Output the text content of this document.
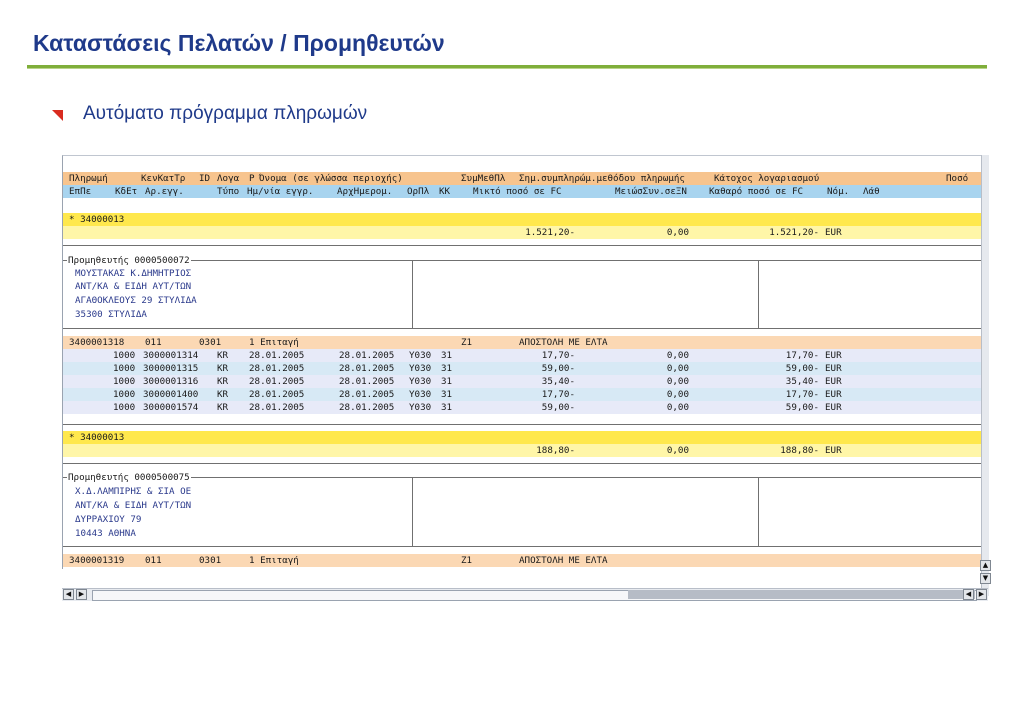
Καταστάσεις Πελατών / Προμηθευτών
Αυτόματο πρόγραμμα πληρωμών
Πληρωμή	ΚενΚατΤρ ID Λογα Ρ Όνομα (σε γλώσσα περιοχής)	ΣυμΜεθΠλ Σημ.συμπληρώμ.μεθόδου πληρωμής	Κάτοχος λογαριασμού	Ποσό
ΕπΠε	ΚδΕτ Αρ.εγγ.	Τύπο Ημ/νία εγγρ.	ΑρχΗμερομ. ΟρΠλ ΚΚ Μικτό ποσό σε FC	ΜειώσΣυν.σεΞΝ Καθαρό ποσό σε FC	Νόμ. Λάθ
* 34000013
1.521,20-	0,00	1.521,20- EUR
Προμηθευτής 0000500072
ΜΟΥΣΤΑΚΑΣ Κ.ΔΗΜΗΤΡΙΟΣ
ΑΝΤ/ΚΑ & ΕΙΔΗ ΑΥΤ/ΤΩΝ
ΑΓΑΘΟΚΛΕΟΥΣ 29 ΣΤΥΛΙΔΑ
35300 ΣΤΥΛΙΔΑ
3400001318 011	0301	1 Επιταγή	Z1	ΑΠΟΣΤΟΛΗ ΜΕ ΕΛΤΑ
1000 3000001314 KR 28.01.2005	28.01.2005 Y030 31	17,70-	0,00	17,70- EUR
1000 3000001315 KR 28.01.2005	28.01.2005 Y030 31	59,00-	0,00	59,00- EUR
1000 3000001316 KR 28.01.2005	28.01.2005 Y030 31	35,40-	0,00	35,40- EUR
1000 3000001400 KR 28.01.2005	28.01.2005 Y030 31	17,70-	0,00	17,70- EUR
1000 3000001574 KR 28.01.2005	28.01.2005 Y030 31	59,00-	0,00	59,00- EUR
* 34000013
188,80-	0,00	188,80- EUR
Προμηθευτής 0000500075
Χ.Δ.ΛΑΜΠΙΡΗΣ & ΣΙΑ ΟΕ
ΑΝΤ/ΚΑ & ΕΙΔΗ ΑΥΤ/ΤΩΝ
ΔΥΡΡΑΧΙΟΥ 79
10443 ΑΘΗΝΑ
3400001319 011	0301	1 Επιταγή	Z1	ΑΠΟΣΤΟΛΗ ΜΕ ΕΛΤΑ	▲
▼
◀	▶	◀	▶
